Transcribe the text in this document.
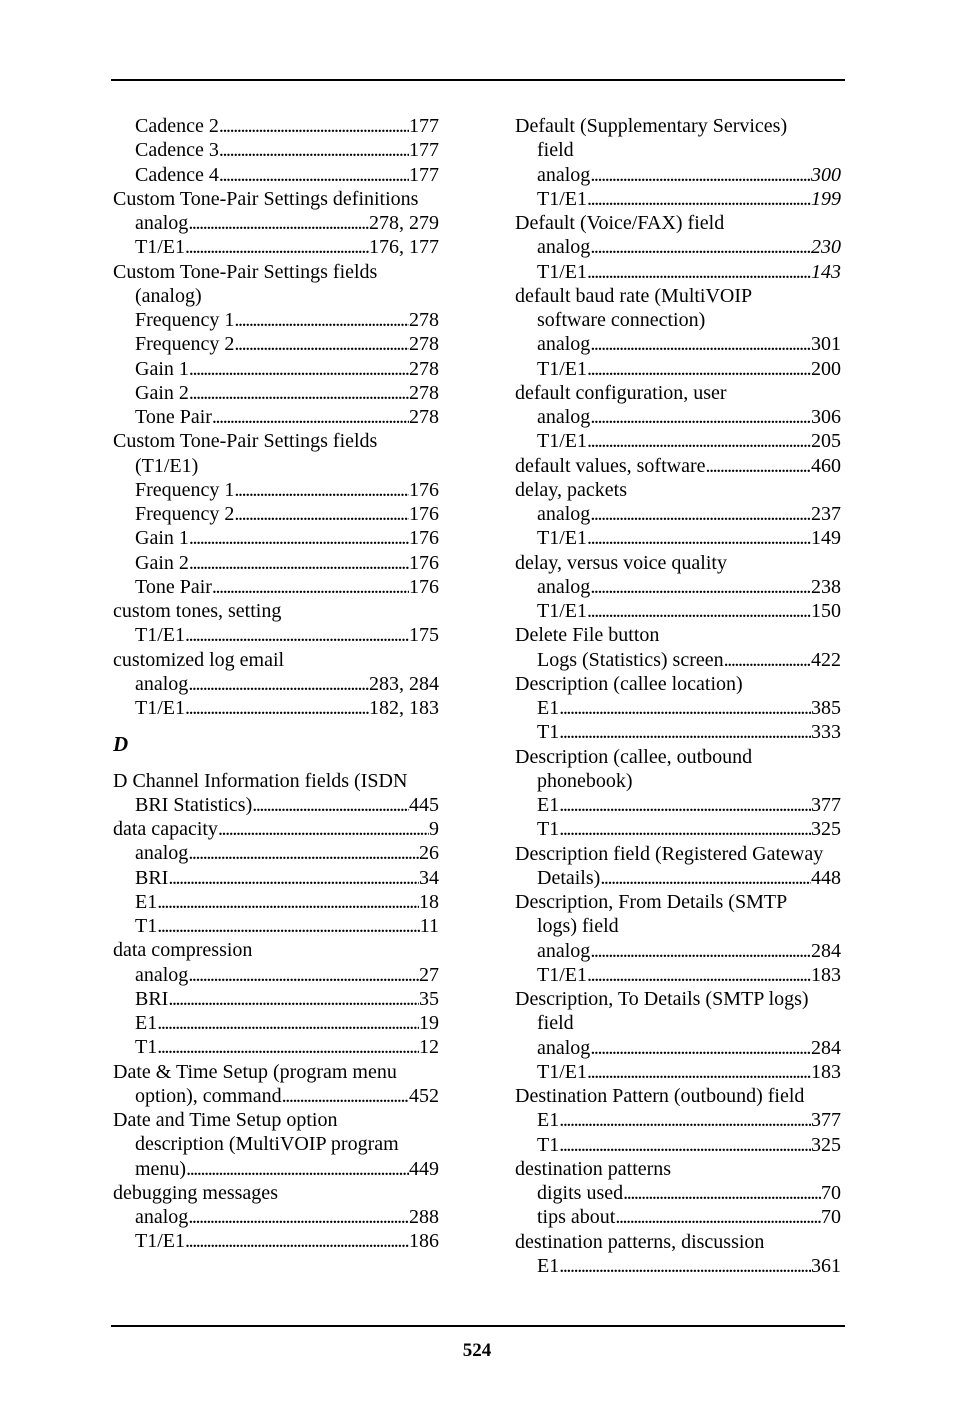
Cadence 2 . . .	177
Cadence 3 . . .	177
Cadence 4 . . .	177
Custom Tone-Pair Settings definitions
analog . . .	278, 279
T1/E1 . . .	176, 177
Custom Tone-Pair Settings fields
(analog)
Frequency 1 . . .	278
Frequency 2 . . .	278
Gain 1 . . .	278
Gain 2 . . .	278
Tone Pair . . .	278
Custom Tone-Pair Settings fields
(T1/E1)
Frequency 1 . . .	176
Frequency 2 . . .	176
Gain 1 . . .	176
Gain 2 . . .	176
Tone Pair . . .	176
custom tones, setting
T1/E1 . . .	175
customized log email
analog . . .	283, 284
T1/E1 . . .	182, 183
D
D Channel Information fields (ISDN
BRI Statistics) . . .	445
data capacity . . .	9
analog . . .	26
BRI . . .	34
E1 . . .	18
T1 . . .	11
data compression
analog . . .	27
BRI . . .	35
E1 . . .	19
T1 . . .	12
Date & Time Setup (program menu
option), command . . .	452
Date and Time Setup option
description (MultiVOIP program
menu) . . .	449
debugging messages
analog . . .	288
T1/E1 . . .	186
Default (Supplementary Services)
field
analog . . .	300
T1/E1 . . .	199
Default (Voice/FAX) field
analog . . .	230
T1/E1 . . .	143
default baud rate (MultiVOIP
software connection)
analog . . .	301
T1/E1 . . .	200
default configuration, user
analog . . .	306
T1/E1 . . .	205
default values, software . . .	460
delay, packets
analog . . .	237
T1/E1 . . .	149
delay, versus voice quality
analog . . .	238
T1/E1 . . .	150
Delete File button
Logs (Statistics) screen . . .	422
Description (callee location)
E1 . . .	385
T1 . . .	333
Description (callee, outbound
phonebook)
E1 . . .	377
T1 . . .	325
Description field (Registered Gateway
Details) . . .	448
Description, From Details (SMTP
logs) field
analog . . .	284
T1/E1 . . .	183
Description, To Details (SMTP logs)
field
analog . . .	284
T1/E1 . . .	183
Destination Pattern (outbound) field
E1 . . .	377
T1 . . .	325
destination patterns
digits used . . .	70
tips about . . .	70
destination patterns, discussion
E1 . . .	361
524
